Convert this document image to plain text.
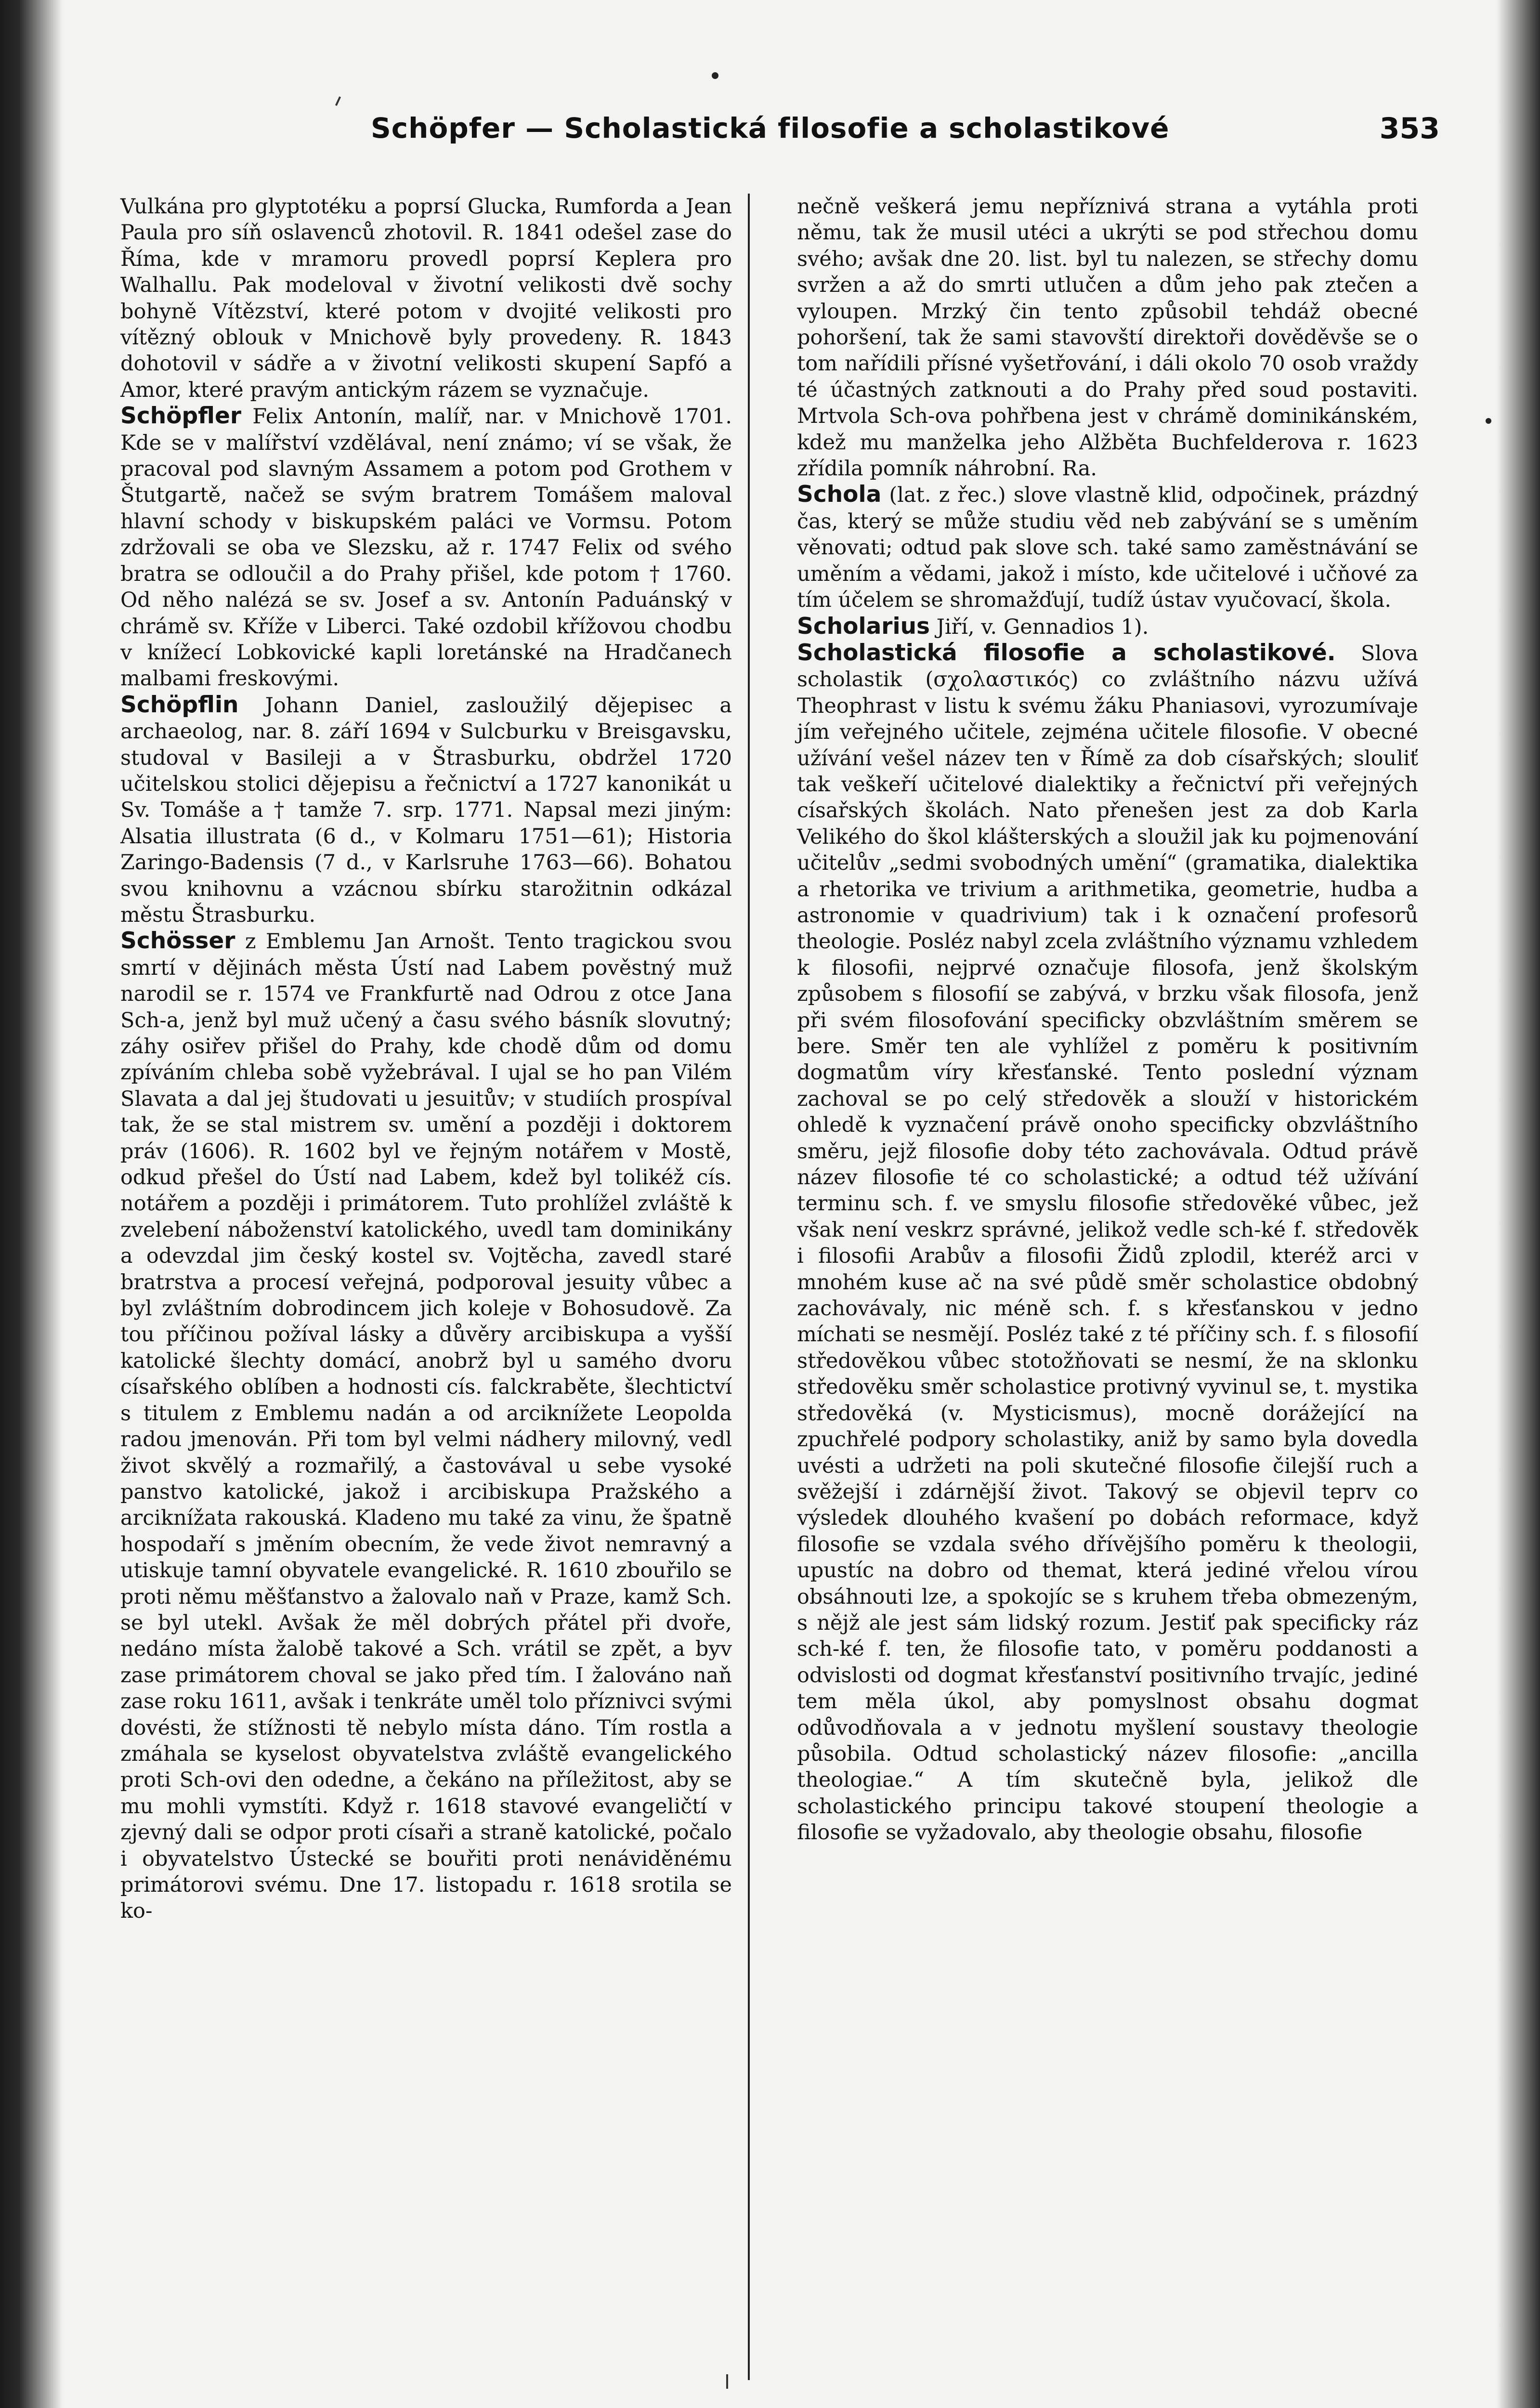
Schöpfer — Scholastická filosofie a scholastikové	353

Vulkána pro glyptotéku a poprsí Glucka, Rumforda a Jean Paula pro síň oslavenců zhotovil. R. 1841 odešel zase do Říma, kde v mramoru provedl poprsí Keplera pro Walhallu. Pak modeloval v životní velikosti dvě sochy bohyně Vítězství, které potom v dvojité velikosti pro vítězný oblouk v Mnichově byly provedeny. R. 1843 dohotovil v sádře a v životní velikosti skupení Sapfó a Amor, které pravým antickým rázem se vyznačuje.

Schöpfler Felix Antonín, malíř, nar. v Mnichově 1701. Kde se v malířství vzdělával, není známo; ví se však, že pracoval pod slavným Assamem a potom pod Grothem v Štutgartě, načež se svým bratrem Tomášem maloval hlavní schody v biskupském paláci ve Vormsu. Potom zdržovali se oba ve Slezsku, až r. 1747 Felix od svého bratra se odloučil a do Prahy přišel, kde potom † 1760. Od něho nalézá se sv. Josef a sv. Antonín Paduánský v chrámě sv. Kříže v Liberci. Také ozdobil křížovou chodbu v knížecí Lobkovické kapli loretánské na Hradčanech malbami freskovými.

Schöpflin Johann Daniel, zasloužilý dějepisec a archaeolog, nar. 8. září 1694 v Sulcburku v Breisgavsku, studoval v Basileji a v Štrasburku, obdržel 1720 učitelskou stolici dějepisu a řečnictví a 1727 kanonikát u Sv. Tomáše a † tamže 7. srp. 1771. Napsal mezi jiným: Alsatia illustrata (6 d., v Kolmaru 1751—61); Historia Zaringo-Badensis (7 d., v Karlsruhe 1763—66). Bohatou svou knihovnu a vzácnou sbírku starožitnin odkázal městu Štrasburku.

Schösser z Emblemu Jan Arnošt. Tento tragickou svou smrtí v dějinách města Ústí nad Labem pověstný muž narodil se r. 1574 ve Frankfurtě nad Odrou z otce Jana Sch-a, jenž byl muž učený a času svého básník slovutný; záhy osiřev přišel do Prahy, kde chodě dům od domu zpíváním chleba sobě vyžebrával. I ujal se ho pan Vilém Slavata a dal jej študovati u jesuitův; v studiích prospíval tak, že se stal mistrem sv. umění a později i doktorem práv (1606). R. 1602 byl ve řejným notářem v Mostě, odkud přešel do Ústí nad Labem, kdež byl tolikéž cís. notářem a později i primátorem. Tuto prohlížel zvláště k zvelebení náboženství katolického, uvedl tam dominikány a odevzdal jim český kostel sv. Vojtěcha, zavedl staré bratrstva a procesí veřejná, podporoval jesuity vůbec a byl zvláštním dobrodincem jich koleje v Bohosudově. Za tou příčinou požíval lásky a důvěry arcibiskupa a vyšší katolické šlechty domácí, anobrž byl u samého dvoru císařského oblíben a hodnosti cís. falckraběte, šlechtictví s titulem z Emblemu nadán a od arciknížete Leopolda radou jmenován. Při tom byl velmi nádhery milovný, vedl život skvělý a rozmařilý, a častovával u sebe vysoké panstvo katolické, jakož i arcibiskupa Pražského a arciknížata rakouská. Kladeno mu také za vinu, že špatně hospodaří s jměním obecním, že vede život nemravný a utiskuje tamní obyvatele evangelické. R. 1610 zbouřilo se proti němu měšťanstvo a žalovalo naň v Praze, kamž Sch. se byl utekl. Avšak že měl dobrých přátel při dvoře, nedáno místa žalobě takové a Sch. vrátil se zpět, a byv zase primátorem choval se jako před tím. I žalováno naň zase roku 1611, avšak i tenkráte uměl tolo příznivci svými dovésti, že stížnosti tě nebylo místa dáno. Tím rostla a zmáhala se kyselost obyvatelstva zvláště evangelického proti Sch-ovi den odedne, a čekáno na příležitost, aby se mu mohli vymstíti. Když r. 1618 stavové evangeličtí v zjevný dali se odpor proti císaři a straně katolické, počalo i obyvatelstvo Ústecké se bouřiti proti nenáviděnému primátorovi svému. Dne 17. listopadu r. 1618 srotila se ko-

nečně veškerá jemu nepříznivá strana a vytáhla proti němu, tak že musil utéci a ukrýti se pod střechou domu svého; avšak dne 20. list. byl tu nalezen, se střechy domu svržen a až do smrti utlučen a dům jeho pak ztečen a vyloupen. Mrzký čin tento způsobil tehdáž obecné pohoršení, tak že sami stavovští direktoři dověděvše se o tom nařídili přísné vyšetřování, i dáli okolo 70 osob vraždy té účastných zatknouti a do Prahy před soud postaviti. Mrtvola Sch-ova pohřbena jest v chrámě dominikánském, kdež mu manželka jeho Alžběta Buchfelderova r. 1623 zřídila pomník náhrobní. Ra.

Schola (lat. z řec.) slove vlastně klid, odpočinek, prázdný čas, který se může studiu věd neb zabývání se s uměním věnovati; odtud pak slove sch. také samo zaměstnávání se uměním a vědami, jakož i místo, kde učitelové i učňové za tím účelem se shromažďují, tudíž ústav vyučovací, škola.

Scholarius Jiří, v. Gennadios 1).

Scholastická filosofie a scholastikové. Slova scholastik (σχολαστικός) co zvláštního názvu užívá Theophrast v listu k svému žáku Phaniasovi, vyrozumívaje jím veřejného učitele, zejména učitele filosofie. V obecné užívání vešel název ten v Římě za dob císařských; slouliť tak veškeří učitelové dialektiky a řečnictví při veřejných císařských školách. Nato přenešen jest za dob Karla Velikého do škol klášterských a sloužil jak ku pojmenování učitelův „sedmi svobodných umění“ (gramatika, dialektika a rhetorika ve trivium a arithmetika, geometrie, hudba a astronomie v quadrivium) tak i k označení profesorů theologie. Posléz nabyl zcela zvláštního významu vzhledem k filosofii, nejprvé označuje filosofa, jenž školským způsobem s filosofií se zabývá, v brzku však filosofa, jenž při svém filosofování specificky obzvláštním směrem se bere. Směr ten ale vyhlížel z poměru k positivním dogmatům víry křesťanské. Tento poslední význam zachoval se po celý středověk a slouží v historickém ohledě k vyznačení právě onoho specificky obzvláštního směru, jejž filosofie doby této zachovávala. Odtud právě název filosofie té co scholastické; a odtud též užívání terminu sch. f. ve smyslu filosofie středověké vůbec, jež však není veskrz správné, jelikož vedle sch-ké f. středověk i filosofii Arabův a filosofii Židů zplodil, kteréž arci v mnohém kuse ač na své půdě směr scholastice obdobný zachovávaly, nic méně sch. f. s křesťanskou v jedno míchati se nesmějí. Posléz také z té příčiny sch. f. s filosofií středověkou vůbec stotožňovati se nesmí, že na sklonku středověku směr scholastice protivný vyvinul se, t. mystika středověká (v. Mysticismus), mocně dorážející na zpuchřelé podpory scholastiky, aniž by samo byla dovedla uvésti a udržeti na poli skutečné filosofie čilejší ruch a svěžejší i zdárnější život. Takový se objevil teprv co výsledek dlouhého kvašení po dobách reformace, když filosofie se vzdala svého dřívějšího poměru k theologii, upustíc na dobro od themat, která jediné vřelou vírou obsáhnouti lze, a spokojíc se s kruhem třeba obmezeným, s nějž ale jest sám lidský rozum. Jestiť pak specificky ráz sch-ké f. ten, že filosofie tato, v poměru poddanosti a odvislosti od dogmat křesťanství positivního trvajíc, jediné tem měla úkol, aby pomyslnost obsahu dogmat odůvodňovala a v jednotu myšlení soustavy theologie působila. Odtud scholastický název filosofie: „ancilla theologiae.“ A tím skutečně byla, jelikož dle scholastického principu takové stoupení theologie a filosofie se vyžadovalo, aby theologie obsahu, filosofie
